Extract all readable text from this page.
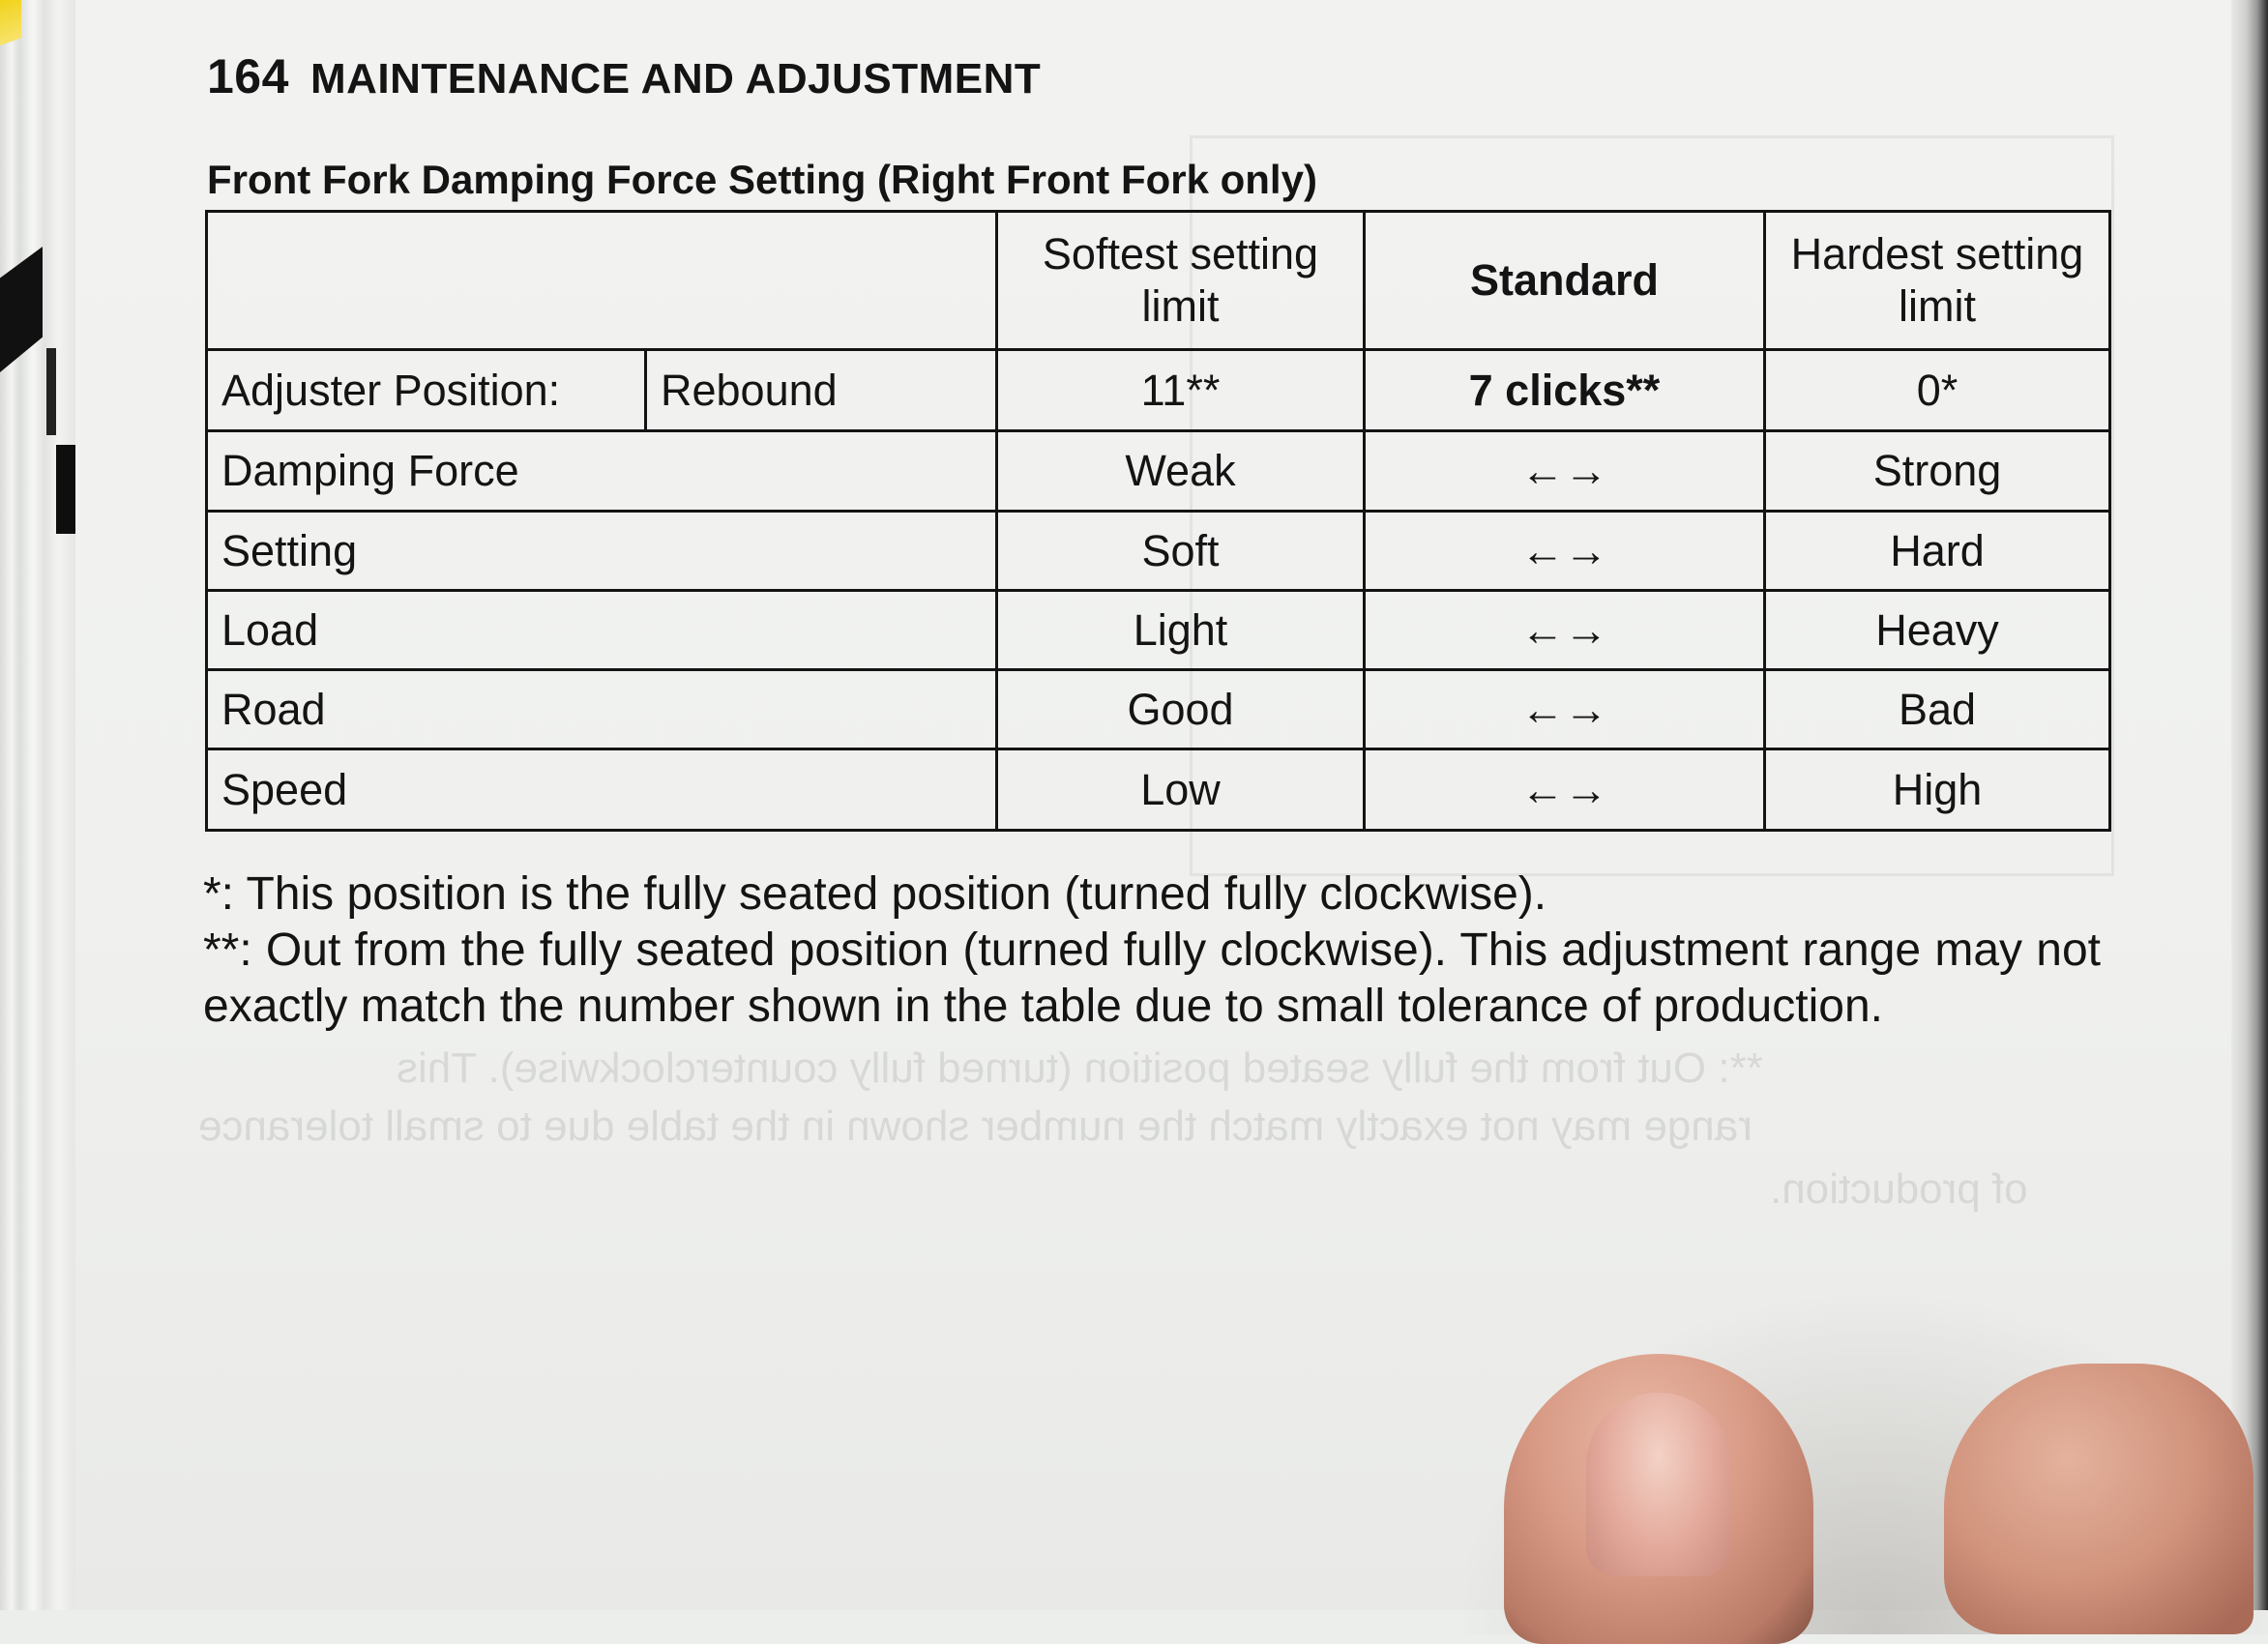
**: Out from the fully seated position (turned fully counterclockwise). This
range may not exactly match the number shown in the table due to small tolerance
of production.
164 MAINTENANCE AND ADJUSTMENT
Front Fork Damping Force Setting (Right Front Fork only)
		Softest setting limit	Standard	Hardest setting limit
Adjuster Position:	Rebound	11**	7 clicks**	0*
Damping Force		Weak	←→	Strong
Setting		Soft	←→	Hard
Load		Light	←→	Heavy
Road		Good	←→	Bad
Speed		Low	←→	High

*: This position is the fully seated position (turned fully clockwise).

**: Out from the fully seated position (turned fully clockwise). This adjustment range may not exactly match the number shown in the table due to small tolerance of production.
